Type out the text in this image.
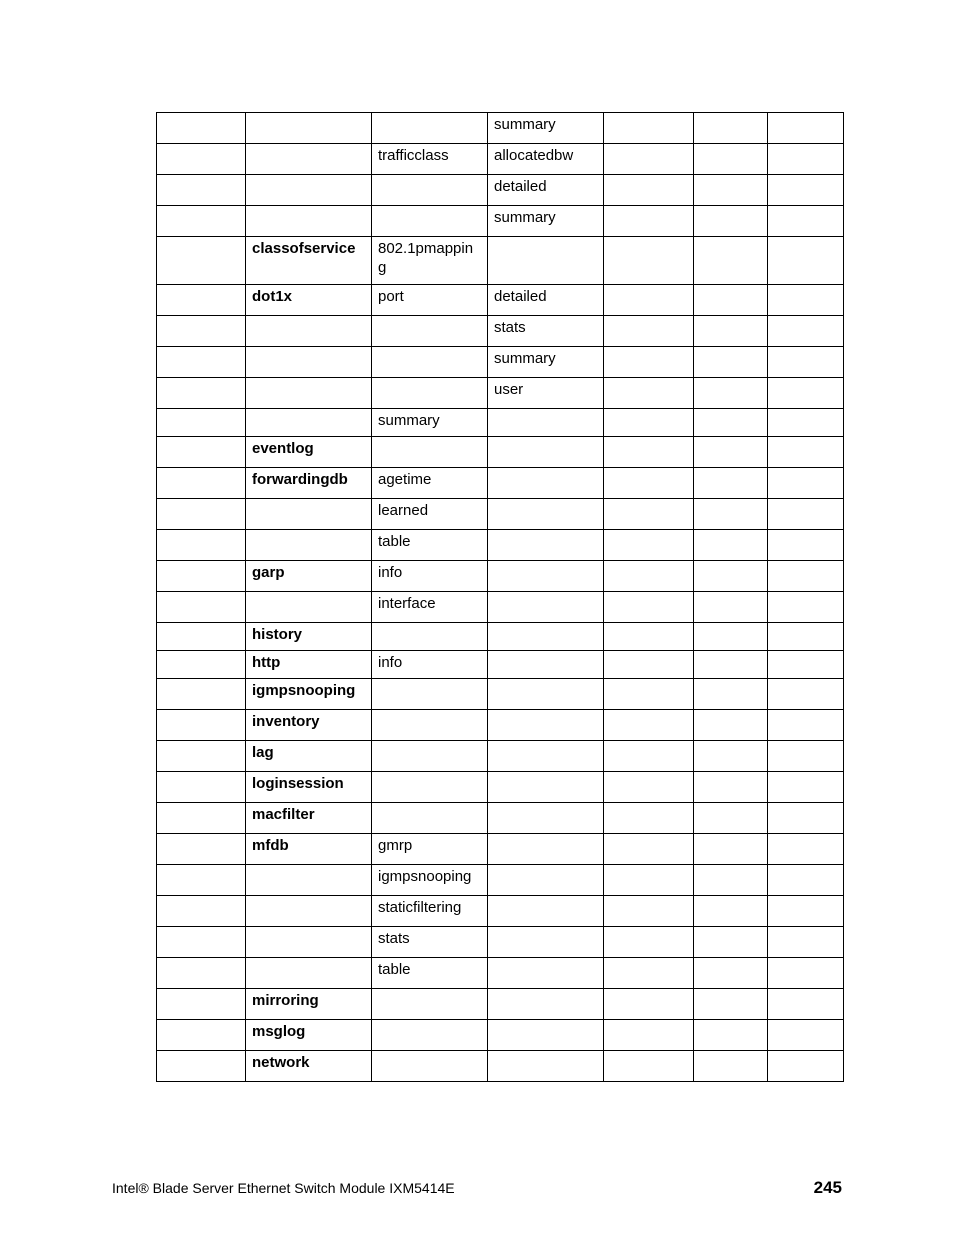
			summary			
		trafficclass	allocatedbw			
			detailed			
			summary			
	classofservice	802.1pmapping				
	dot1x	port	detailed			
			stats			
			summary			
			user			
		summary				
	eventlog					
	forwardingdb	agetime				
		learned				
		table				
	garp	info				
		interface				
	history					
	http	info				
	igmpsnooping					
	inventory					
	lag					
	loginsession					
	macfilter					
	mfdb	gmrp				
		igmpsnooping				
		staticfiltering				
		stats				
		table				
	mirroring					
	msglog					
	network					
Intel® Blade Server Ethernet Switch Module IXM5414E	245
